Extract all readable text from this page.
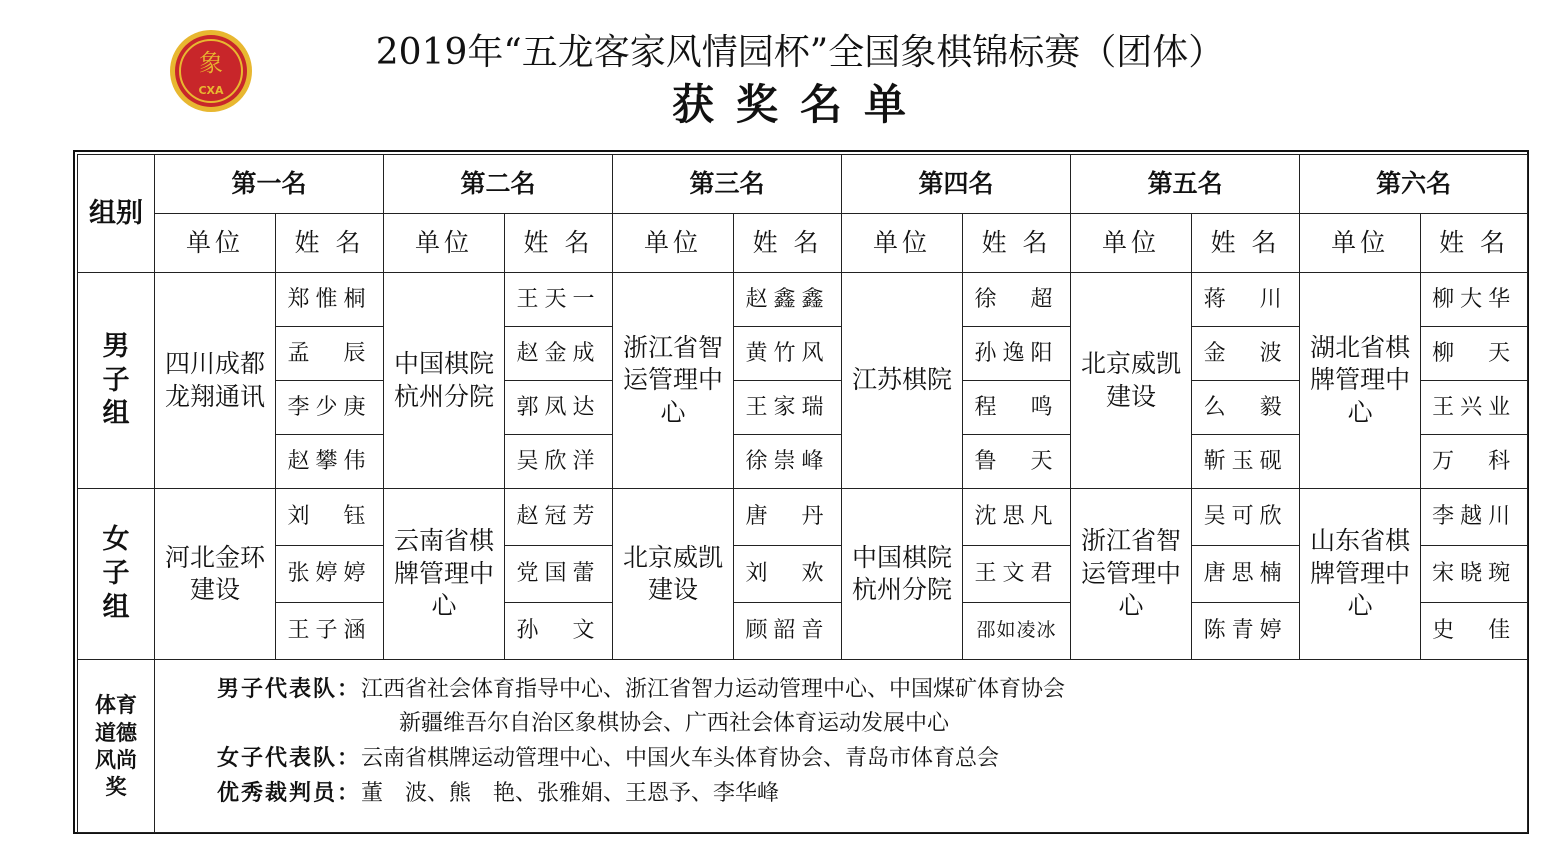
象
CXA
2019年“五龙客家风情园杯”全国象棋锦标赛（团体）
获奖名单
组别	第一名		第二名		第三名		第四名		第五名		第六名	
	单位	姓 名	单位	姓 名	单位	姓 名	单位	姓 名	单位	姓 名	单位	姓 名
男子组	四川成都龙翔通讯	郑惟桐	中国棋院杭州分院	王天一	浙江省智运管理中心	赵鑫鑫	江苏棋院	徐　超	北京威凯建设	蒋　川	湖北省棋牌管理中心	柳大华
		孟　辰		赵金成		黄竹风		孙逸阳		金　波		柳　天
		李少庚		郭凤达		王家瑞		程　鸣		么　毅		王兴业
		赵攀伟		吴欣洋		徐崇峰		鲁　天		靳玉砚		万　科
女子组	河北金环建设	刘　钰	云南省棋牌管理中心	赵冠芳	北京威凯建设	唐　丹	中国棋院杭州分院	沈思凡	浙江省智运管理中心	吴可欣	山东省棋牌管理中心	李越川
		张婷婷		党国蕾		刘　欢		王文君		唐思楠		宋晓琬
		王子涵		孙　文		顾韶音		邵如凌冰		陈青婷		史　佳
体育道德风尚奖	男子代表队：江西省社会体育指导中心、浙江省智力运动管理中心、中国煤矿体育协会
新疆维吾尔自治区象棋协会、广西社会体育运动发展中心
女子代表队：云南省棋牌运动管理中心、中国火车头体育协会、青岛市体育总会
优秀裁判员：董　波、熊　艳、张雅娟、王恩予、李华峰											
